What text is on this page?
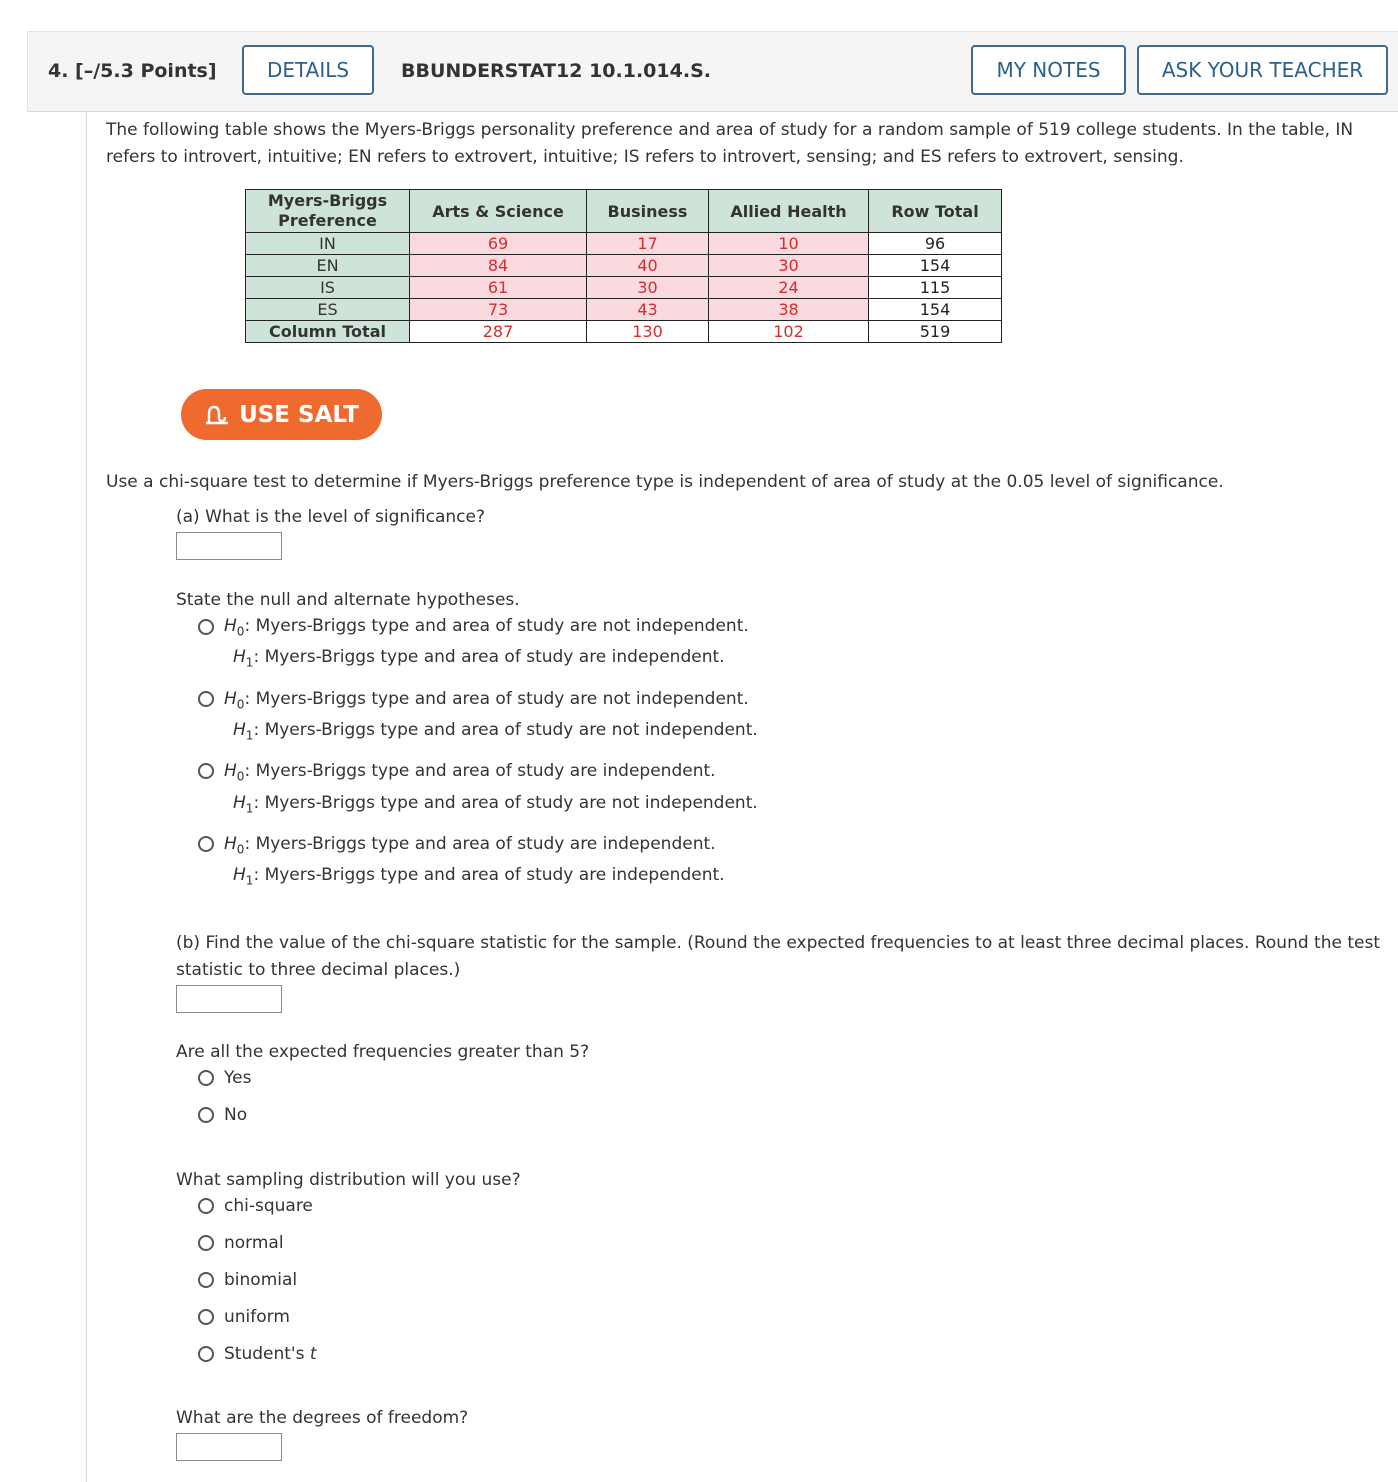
4. [–/5.3 Points]	DETAILS	BBUNDERSTAT12 10.1.014.S.	MY NOTES	ASK YOUR TEACHER
The following table shows the Myers-Briggs personality preference and area of study for a random sample of 519 college students. In the table, IN refers to introvert, intuitive; EN refers to extrovert, intuitive; IS refers to introvert, sensing; and ES refers to extrovert, sensing.
Myers-Briggs Preference	Arts & Science	Business	Allied Health	Row Total
IN	69	17	10	96
EN	84	40	30	154
IS	61	30	24	115
ES	73	43	38	154
Column Total	287	130	102	519
USE SALT
Use a chi-square test to determine if Myers-Briggs preference type is independent of area of study at the 0.05 level of significance.
(a) What is the level of significance?
State the null and alternate hypotheses.
$H_0$: Myers-Briggs type and area of study are not independent.
$H_1$: Myers-Briggs type and area of study are independent.
$H_0$: Myers-Briggs type and area of study are not independent.
$H_1$: Myers-Briggs type and area of study are not independent.
$H_0$: Myers-Briggs type and area of study are independent.
$H_1$: Myers-Briggs type and area of study are not independent.
$H_0$: Myers-Briggs type and area of study are independent.
$H_1$: Myers-Briggs type and area of study are independent.
(b) Find the value of the chi-square statistic for the sample. (Round the expected frequencies to at least three decimal places. Round the test statistic to three decimal places.)
Are all the expected frequencies greater than 5?
Yes
No
What sampling distribution will you use?
chi-square
normal
binomial
uniform
Student's t
What are the degrees of freedom?
